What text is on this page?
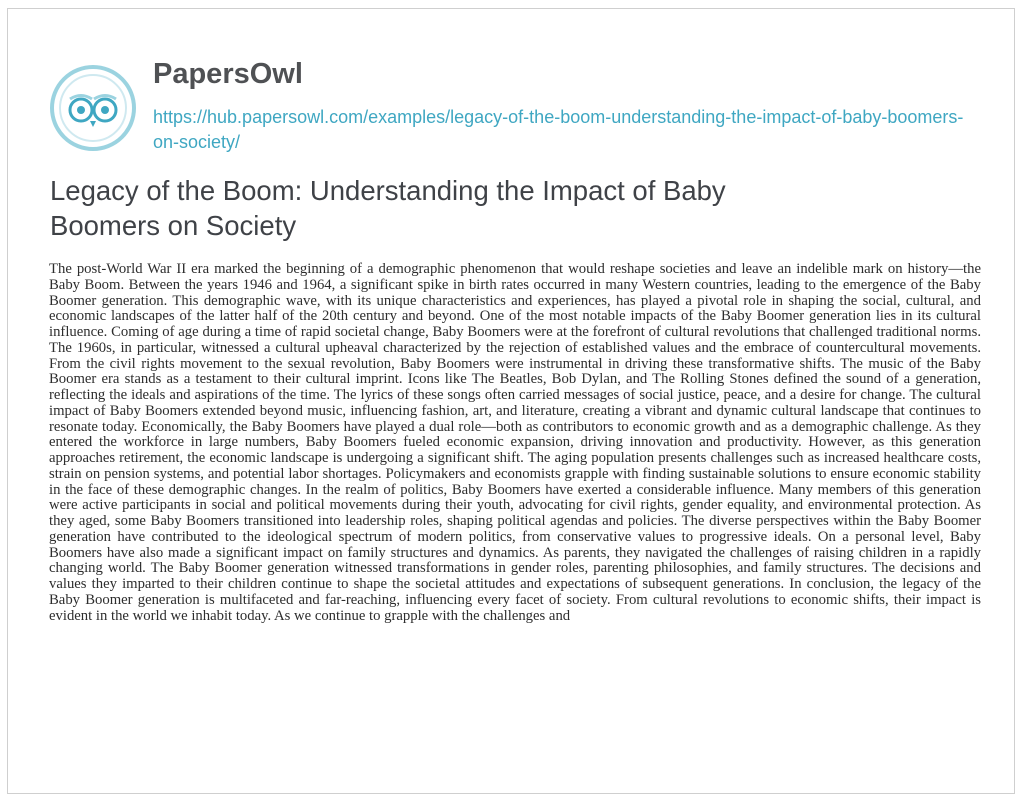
PapersOwl
https://hub.papersowl.com/examples/legacy-of-the-boom-understanding-the-impact-of-baby-boomers-on-society/
Legacy of the Boom: Understanding the Impact of Baby Boomers on Society

The post-World War II era marked the beginning of a demographic phenomenon that would reshape societies and leave an indelible mark on history—the Baby Boom. Between the years 1946 and 1964, a significant spike in birth rates occurred in many Western countries, leading to the emergence of the Baby Boomer generation. This demographic wave, with its unique characteristics and experiences, has played a pivotal role in shaping the social, cultural, and economic landscapes of the latter half of the 20th century and beyond. One of the most notable impacts of the Baby Boomer generation lies in its cultural influence. Coming of age during a time of rapid societal change, Baby Boomers were at the forefront of cultural revolutions that challenged traditional norms. The 1960s, in particular, witnessed a cultural upheaval characterized by the rejection of established values and the embrace of countercultural movements. From the civil rights movement to the sexual revolution, Baby Boomers were instrumental in driving these transformative shifts. The music of the Baby Boomer era stands as a testament to their cultural imprint. Icons like The Beatles, Bob Dylan, and The Rolling Stones defined the sound of a generation, reflecting the ideals and aspirations of the time. The lyrics of these songs often carried messages of social justice, peace, and a desire for change. The cultural impact of Baby Boomers extended beyond music, influencing fashion, art, and literature, creating a vibrant and dynamic cultural landscape that continues to resonate today. Economically, the Baby Boomers have played a dual role—both as contributors to economic growth and as a demographic challenge. As they entered the workforce in large numbers, Baby Boomers fueled economic expansion, driving innovation and productivity. However, as this generation approaches retirement, the economic landscape is undergoing a significant shift. The aging population presents challenges such as increased healthcare costs, strain on pension systems, and potential labor shortages. Policymakers and economists grapple with finding sustainable solutions to ensure economic stability in the face of these demographic changes. In the realm of politics, Baby Boomers have exerted a considerable influence. Many members of this generation were active participants in social and political movements during their youth, advocating for civil rights, gender equality, and environmental protection. As they aged, some Baby Boomers transitioned into leadership roles, shaping political agendas and policies. The diverse perspectives within the Baby Boomer generation have contributed to the ideological spectrum of modern politics, from conservative values to progressive ideals. On a personal level, Baby Boomers have also made a significant impact on family structures and dynamics. As parents, they navigated the challenges of raising children in a rapidly changing world. The Baby Boomer generation witnessed transformations in gender roles, parenting philosophies, and family structures. The decisions and values they imparted to their children continue to shape the societal attitudes and expectations of subsequent generations. In conclusion, the legacy of the Baby Boomer generation is multifaceted and far-reaching, influencing every facet of society. From cultural revolutions to economic shifts, their impact is evident in the world we inhabit today. As we continue to grapple with the challenges and
